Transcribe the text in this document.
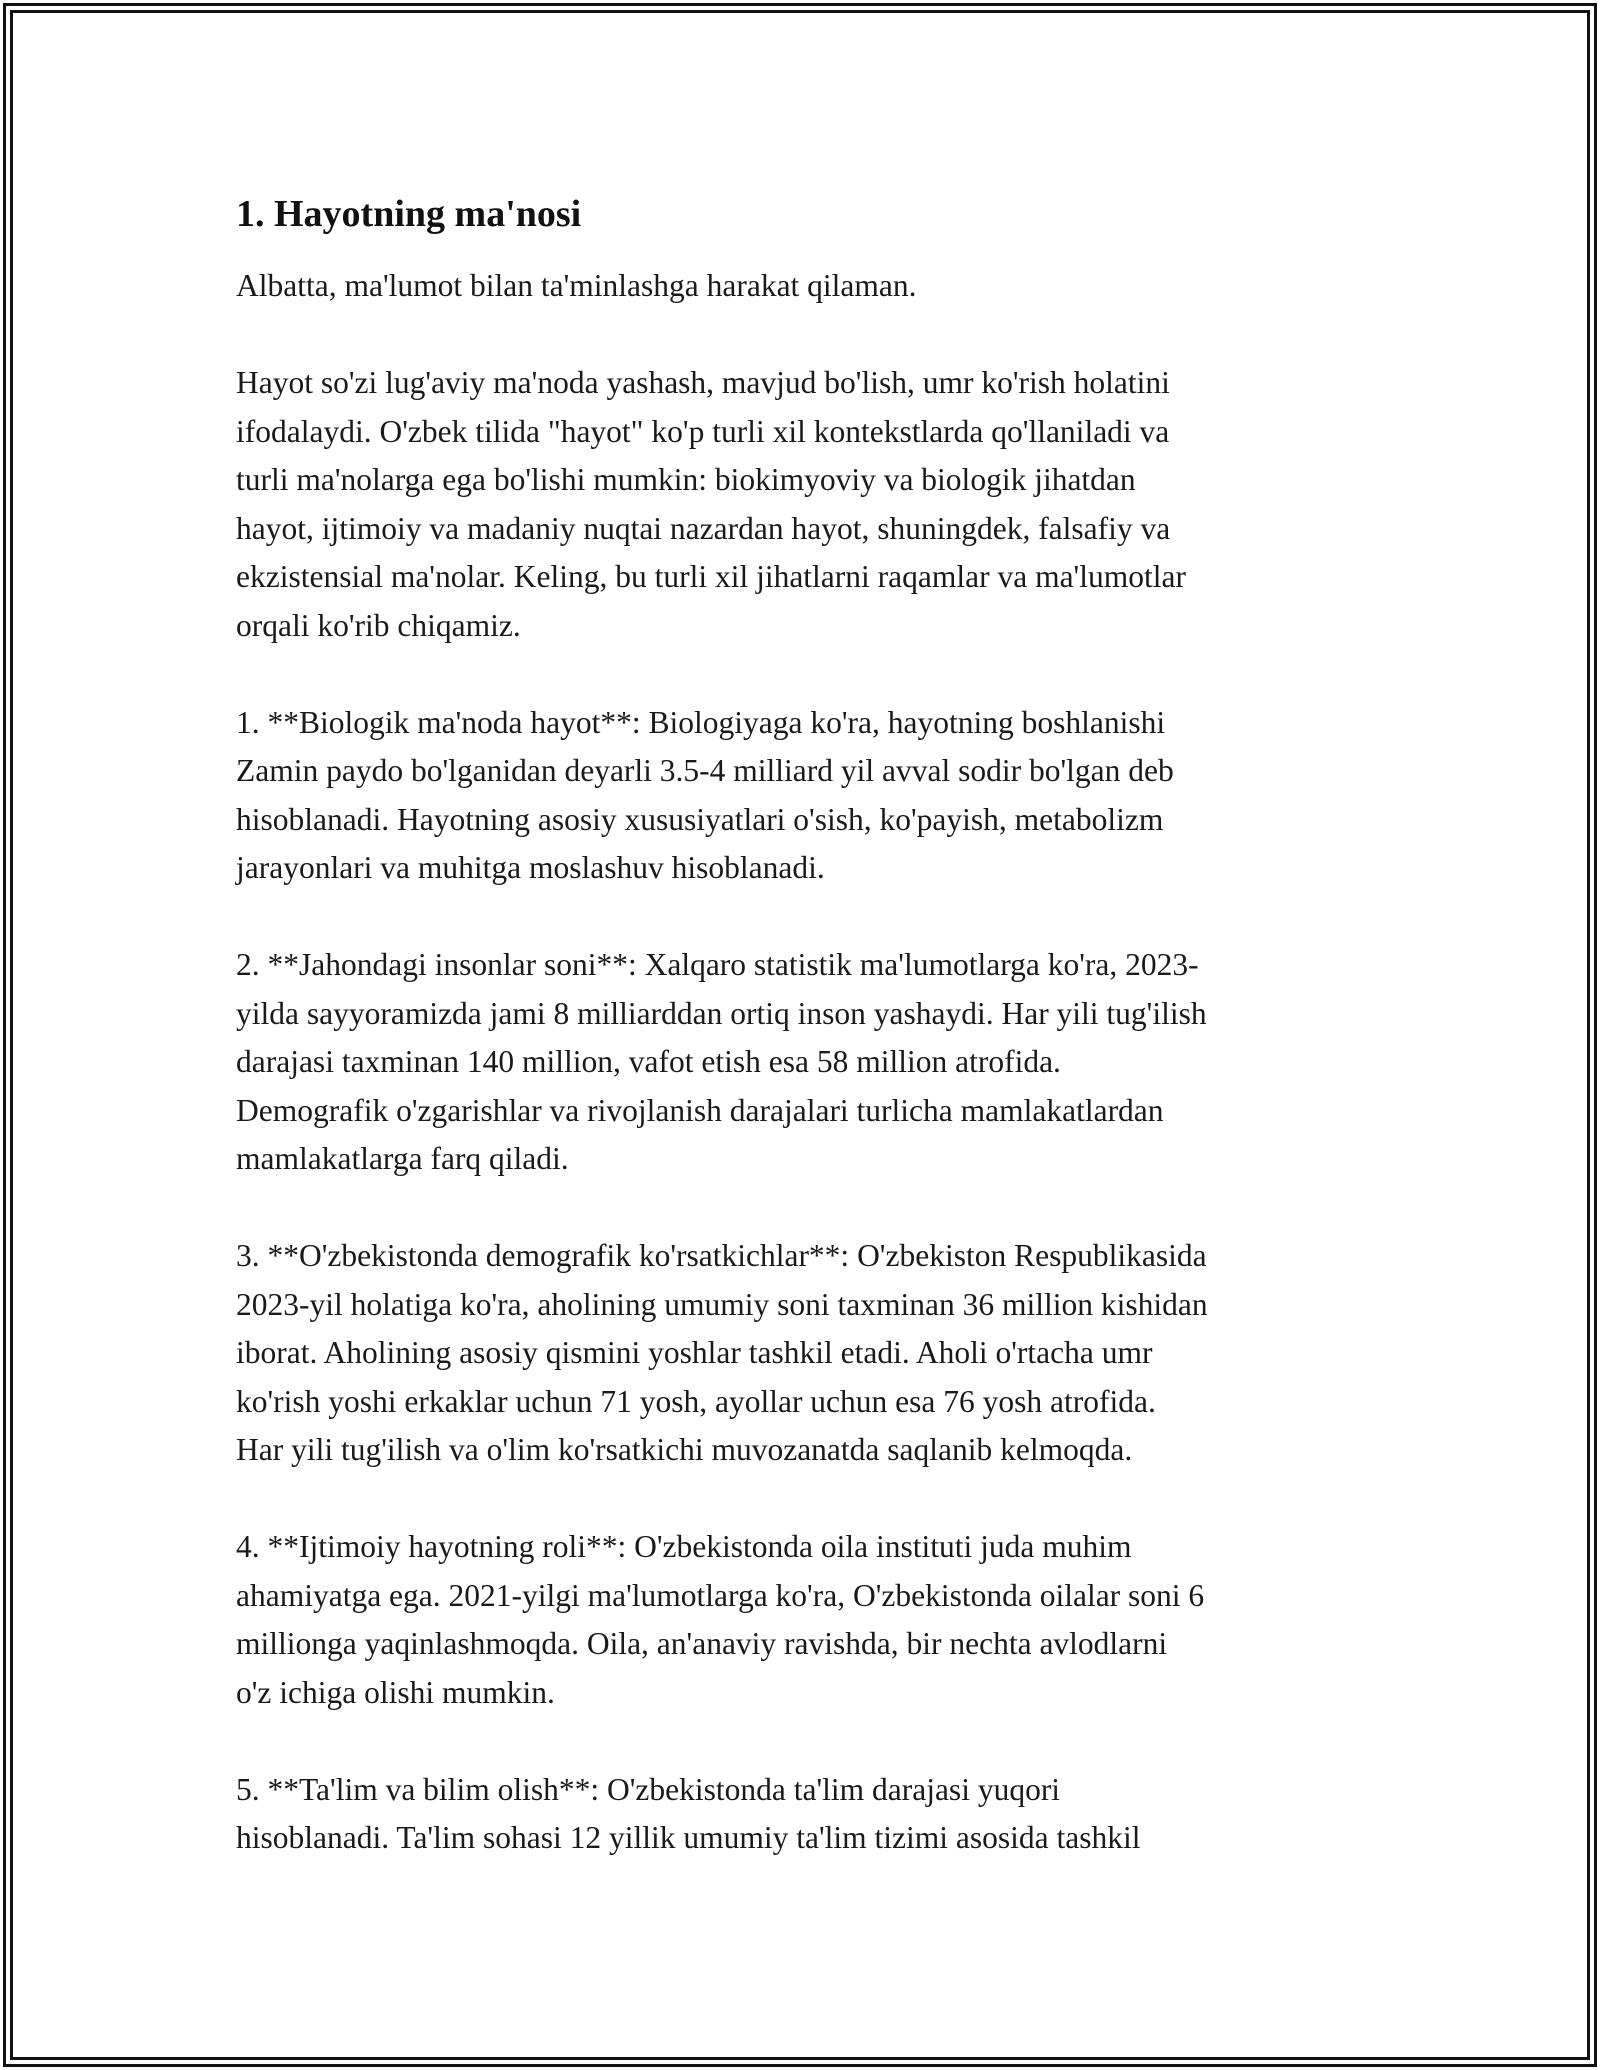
1. Hayotning ma'nosi

Albatta, ma'lumot bilan ta'minlashga harakat qilaman.

Hayot so'zi lug'aviy ma'noda yashash, mavjud bo'lish, umr ko'rish holatini
ifodalaydi. O'zbek tilida "hayot" ko'p turli xil kontekstlarda qo'llaniladi va
turli ma'nolarga ega bo'lishi mumkin: biokimyoviy va biologik jihatdan
hayot, ijtimoiy va madaniy nuqtai nazardan hayot, shuningdek, falsafiy va
ekzistensial ma'nolar. Keling, bu turli xil jihatlarni raqamlar va ma'lumotlar
orqali ko'rib chiqamiz.

1. **Biologik ma'noda hayot**: Biologiyaga ko'ra, hayotning boshlanishi
Zamin paydo bo'lganidan deyarli 3.5-4 milliard yil avval sodir bo'lgan deb
hisoblanadi. Hayotning asosiy xususiyatlari o'sish, ko'payish, metabolizm
jarayonlari va muhitga moslashuv hisoblanadi.

2. **Jahondagi insonlar soni**: Xalqaro statistik ma'lumotlarga ko'ra, 2023-
yilda sayyoramizda jami 8 milliarddan ortiq inson yashaydi. Har yili tug'ilish
darajasi taxminan 140 million, vafot etish esa 58 million atrofida.
Demografik o'zgarishlar va rivojlanish darajalari turlicha mamlakatlardan
mamlakatlarga farq qiladi.

3. **O'zbekistonda demografik ko'rsatkichlar**: O'zbekiston Respublikasida
2023-yil holatiga ko'ra, aholining umumiy soni taxminan 36 million kishidan
iborat. Aholining asosiy qismini yoshlar tashkil etadi. Aholi o'rtacha umr
ko'rish yoshi erkaklar uchun 71 yosh, ayollar uchun esa 76 yosh atrofida.
Har yili tug'ilish va o'lim ko'rsatkichi muvozanatda saqlanib kelmoqda.

4. **Ijtimoiy hayotning roli**: O'zbekistonda oila instituti juda muhim
ahamiyatga ega. 2021-yilgi ma'lumotlarga ko'ra, O'zbekistonda oilalar soni 6
millionga yaqinlashmoqda. Oila, an'anaviy ravishda, bir nechta avlodlarni
o'z ichiga olishi mumkin.

5. **Ta'lim va bilim olish**: O'zbekistonda ta'lim darajasi yuqori
hisoblanadi. Ta'lim sohasi 12 yillik umumiy ta'lim tizimi asosida tashkil
